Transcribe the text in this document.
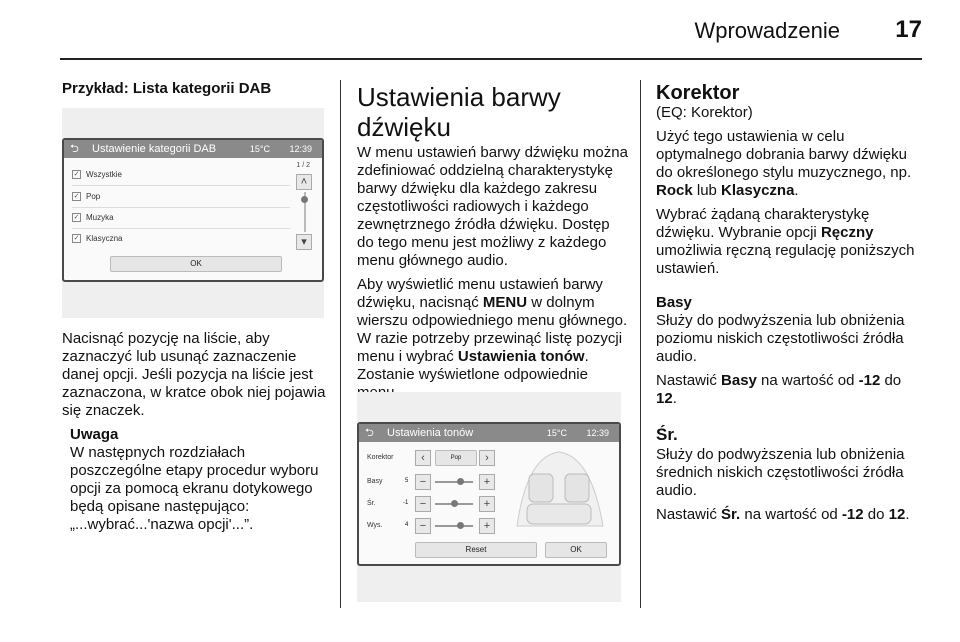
Wprowadzenie 17
Przykład: Lista kategorii DAB
⮌ Ustawienie kategorii DAB	15°C 12:39
1 / 2
✓ Wszystkie
✓ Pop
✓ Muzyka
✓ Klasyczna
˄
▾
OK

Nacisnąć pozycję na liście, aby zaznaczyć lub usunąć zaznaczenie danej opcji. Jeśli pozycja na liście jest zaznaczona, w kratce obok niej pojawia się znaczek.

Uwaga
W następnych rozdziałach poszczególne etapy procedur wyboru opcji za pomocą ekranu dotykowego będą opisane następująco: „...wybrać...'nazwa opcji'...”.
Ustawienia barwy dźwięku

W menu ustawień barwy dźwięku można zdefiniować oddzielną charakterystykę barwy dźwięku dla każdego zakresu częstotliwości radiowych i każdego zewnętrznego źródła dźwięku. Dostęp do tego menu jest możliwy z każdego menu głównego audio.

Aby wyświetlić menu ustawień barwy dźwięku, nacisnąć MENU w dolnym wierszu odpowiedniego menu głównego. W razie potrzeby przewinąć listę pozycji menu i wybrać Ustawienia tonów. Zostanie wyświetlone odpowiednie

⮌ Ustawienia tonów	15°C 12:39
Korektor	‹	Pop	›
Basy	5	−	+
Śr.	-1	−	+
Wys.	4	−	+
Reset	OK
Korektor

(EQ: Korektor)

Użyć tego ustawienia w celu optymalnego dobrania barwy dźwięku do określonego stylu muzycznego, np. Rock lub Klasyczna.

Wybrać żądaną charakterystykę dźwięku. Wybranie opcji Ręczny umożliwia ręczną regulację poniższych ustawień.

Basy

Służy do podwyższenia lub obniżenia poziomu niskich częstotliwości źródła audio.

Nastawić Basy na wartość od -12 do 12.

Śr.

Służy do podwyższenia lub obniżenia średnich niskich częstotliwości źródła audio.

Nastawić Śr. na wartość od -12 do 12.
